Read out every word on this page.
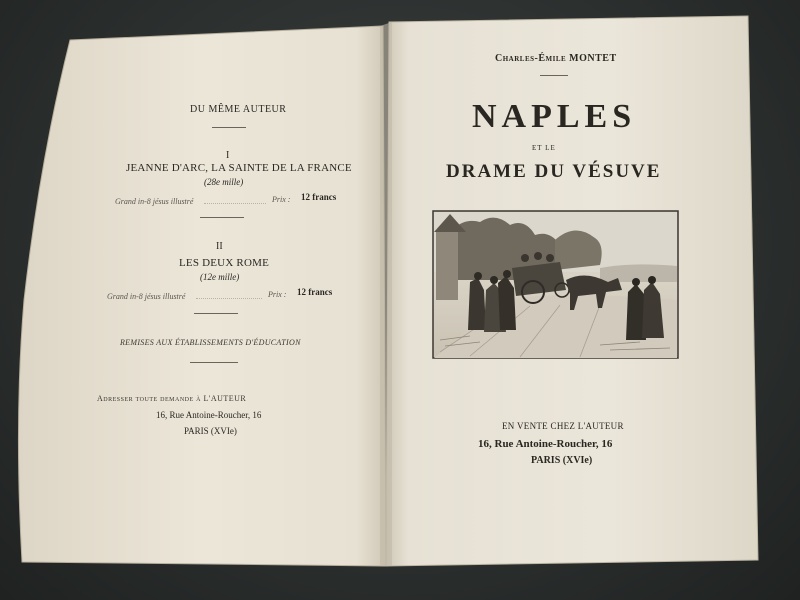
DU MÊME AUTEUR
I
JEANNE D'ARC, LA SAINTE DE LA FRANCE
(28e mille)
Grand in-8 jésus illustré	Prix : 12 francs
II
LES DEUX ROME
(12e mille)
Grand in-8 jésus illustré	Prix : 12 francs
REMISES AUX ÉTABLISSEMENTS D'ÉDUCATION
Adresser toute demande à L'AUTEUR
16, Rue Antoine-Roucher, 16
PARIS (XVIe)
Charles-Émile MONTET
NAPLES
ET LE
DRAME DU VÉSUVE
EN VENTE CHEZ L'AUTEUR
16, Rue Antoine-Roucher, 16
PARIS (XVIe)
